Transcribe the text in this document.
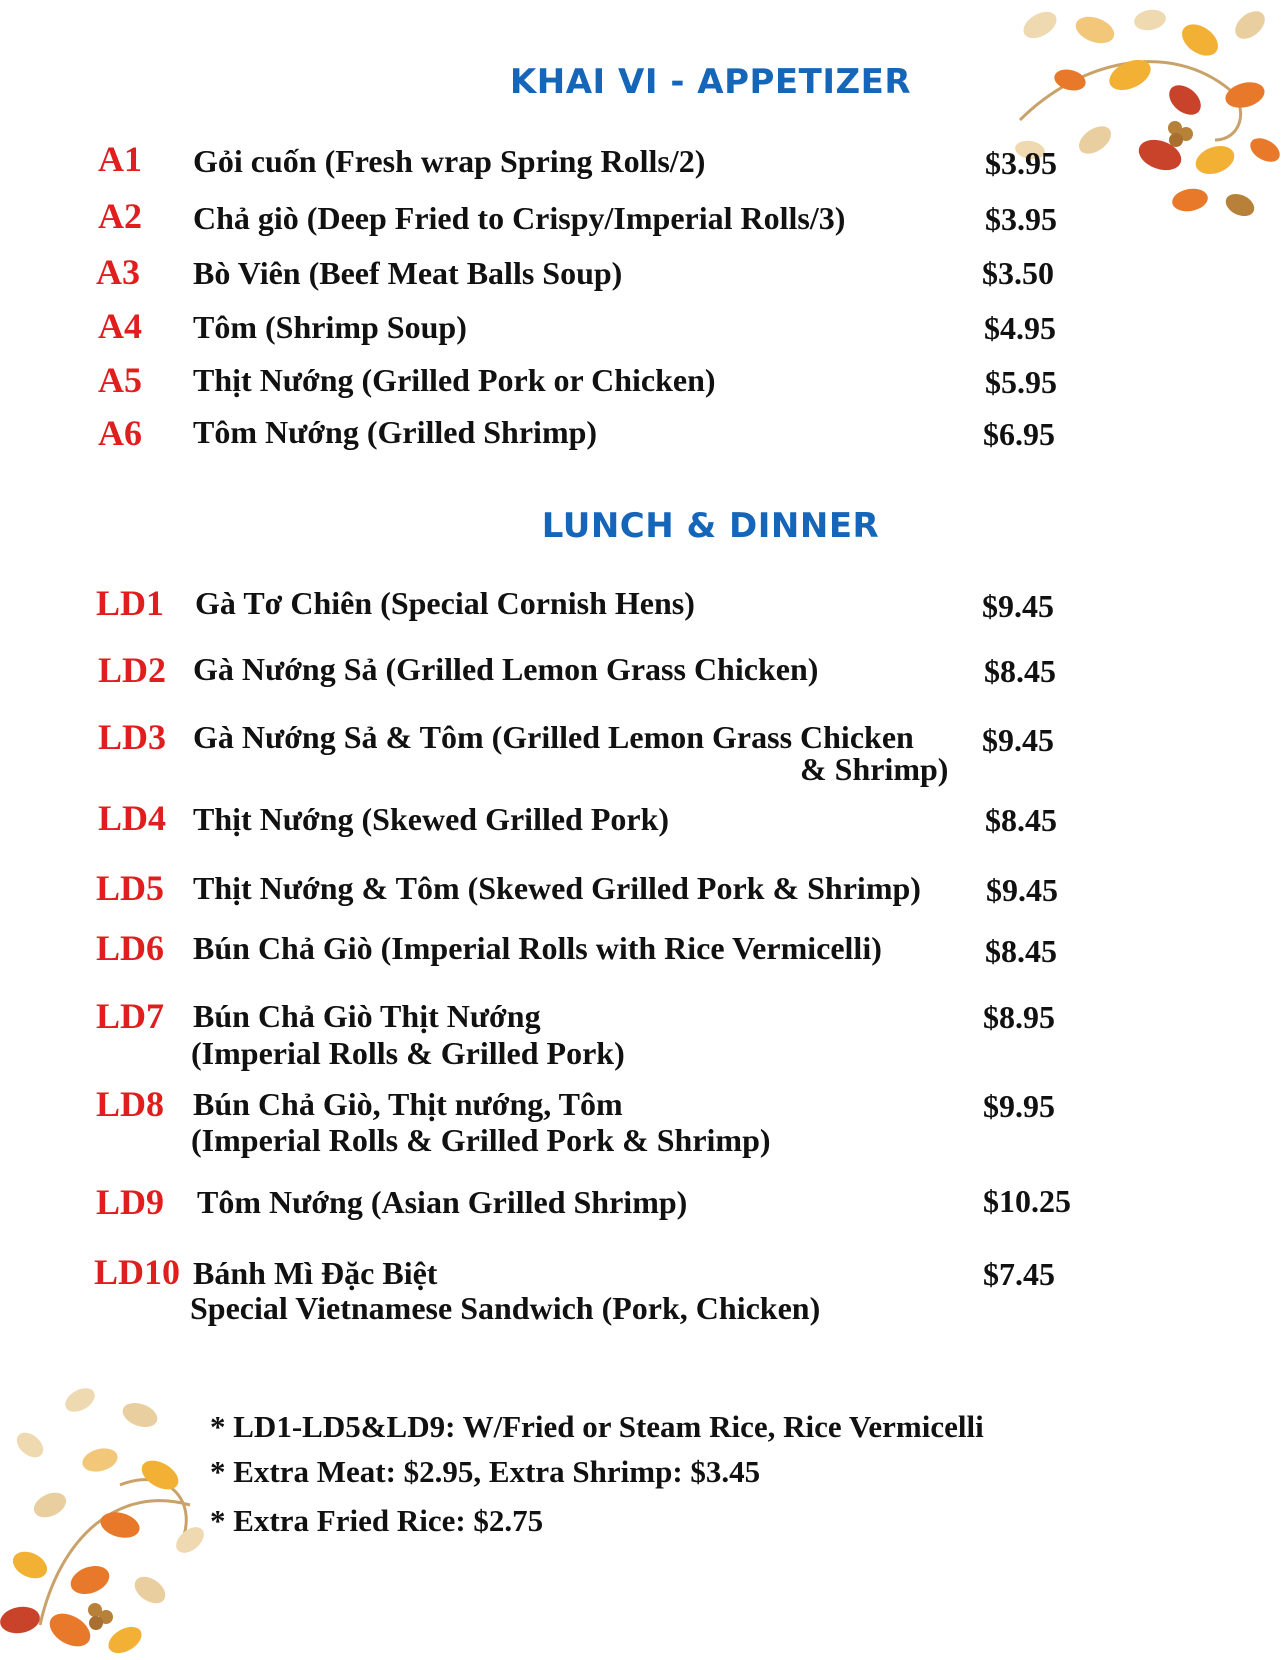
KHAI VI - APPETIZER
LUNCH & DINNER
A1 Gỏi cuốn (Fresh wrap Spring Rolls/2)	$3.95
A2 Chả giò (Deep Fried to Crispy/Imperial Rolls/3)	$3.95
A3 Bò Viên (Beef Meat Balls Soup)	$3.50
A4 Tôm (Shrimp Soup)	$4.95
A5 Thịt Nướng (Grilled Pork or Chicken)	$5.95
A6 Tôm Nướng (Grilled Shrimp)	$6.95
LD1 Gà Tơ Chiên (Special Cornish Hens)	$9.45
LD2 Gà Nướng Sả (Grilled Lemon Grass Chicken)	$8.45
LD3 Gà Nướng Sả & Tôm (Grilled Lemon Grass Chicken
& Shrimp)
$9.45
LD4 Thịt Nướng (Skewed Grilled Pork)	$8.45
LD5 Thịt Nướng & Tôm (Skewed Grilled Pork & Shrimp) $9.45
LD6 Bún Chả Giò (Imperial Rolls with Rice Vermicelli)	$8.45
LD7 Bún Chả Giò Thịt Nướng
(Imperial Rolls & Grilled Pork)
$8.95
LD8 Bún Chả Giò, Thịt nướng, Tôm
(Imperial Rolls & Grilled Pork & Shrimp)
$9.95
LD9 Tôm Nướng (Asian Grilled Shrimp)	$10.25
LD10 Bánh Mì Đặc Biệt
Special Vietnamese Sandwich (Pork, Chicken)
$7.45
* LD1-LD5&LD9: W/Fried or Steam Rice, Rice Vermicelli
* Extra Meat: $2.95, Extra Shrimp: $3.45
* Extra Fried Rice: $2.75
